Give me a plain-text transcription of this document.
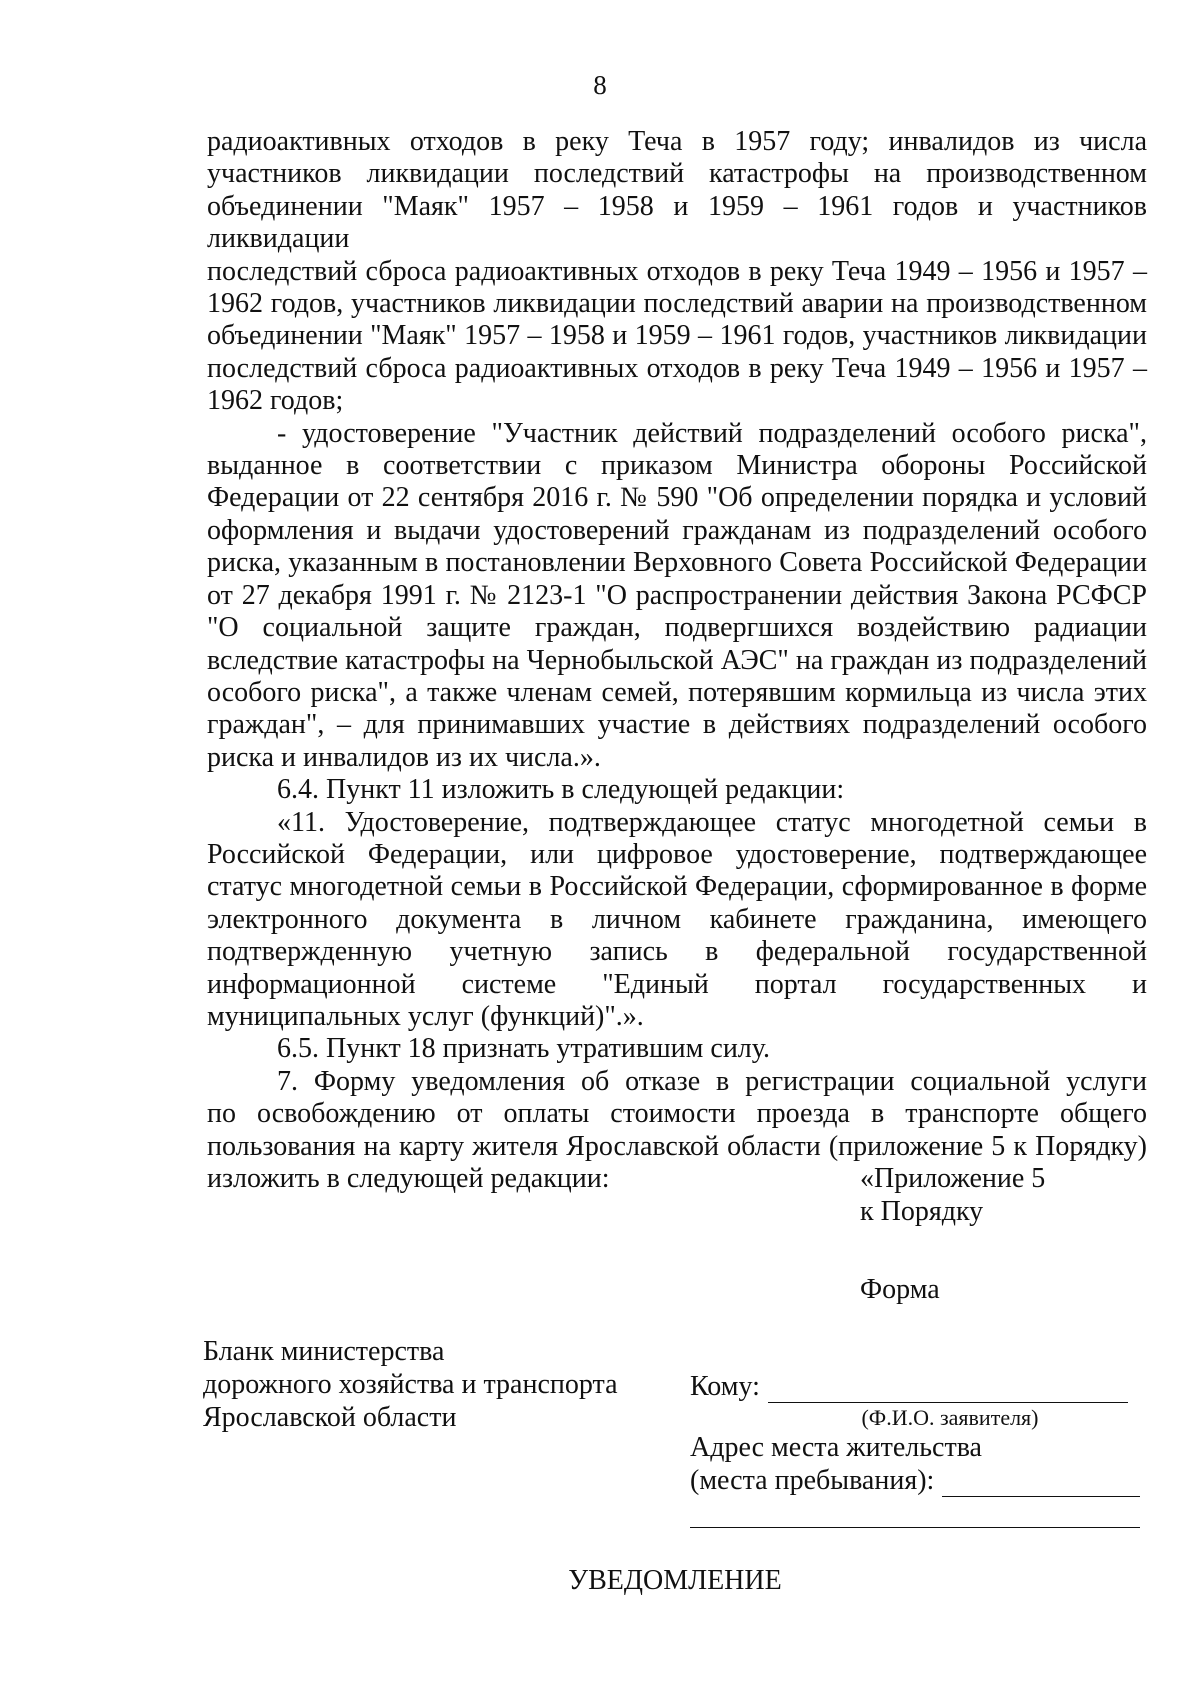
8
радиоактивных отходов в реку Теча в 1957 году; инвалидов из числа
участников ликвидации последствий катастрофы на производственном
объединении "Маяк" 1957 – 1958 и 1959 – 1961 годов и участников ликвидации
последствий сброса радиоактивных отходов в реку Теча 1949 – 1956 и 1957 –
1962 годов, участников ликвидации последствий аварии на производственном
объединении "Маяк" 1957 – 1958 и 1959 – 1961 годов, участников ликвидации
последствий сброса радиоактивных отходов в реку Теча 1949 – 1956 и 1957 –
1962 годов;
- удостоверение "Участник действий подразделений особого риска",
выданное в соответствии с приказом Министра обороны Российской
Федерации от 22 сентября 2016 г. № 590 "Об определении порядка и условий
оформления и выдачи удостоверений гражданам из подразделений особого
риска, указанным в постановлении Верховного Совета Российской Федерации
от 27 декабря 1991 г. № 2123-1 "О распространении действия Закона РСФСР
"О социальной защите граждан, подвергшихся воздействию радиации
вследствие катастрофы на Чернобыльской АЭС" на граждан из подразделений
особого риска", а также членам семей, потерявшим кормильца из числа этих
граждан", – для принимавших участие в действиях подразделений особого
риска и инвалидов из их числа.».
6.4. Пункт 11 изложить в следующей редакции:
«11. Удостоверение, подтверждающее статус многодетной семьи в
Российской Федерации, или цифровое удостоверение, подтверждающее
статус многодетной семьи в Российской Федерации, сформированное в форме
электронного документа в личном кабинете гражданина, имеющего
подтвержденную учетную запись в федеральной государственной
информационной системе "Единый портал государственных и
муниципальных услуг (функций)".».
6.5. Пункт 18 признать утратившим силу.
7. Форму уведомления об отказе в регистрации социальной услуги
по освобождению от оплаты стоимости проезда в транспорте общего
пользования на карту жителя Ярославской области (приложение 5 к Порядку)
изложить в следующей редакции:	«Приложение 5
к Порядку
Форма
Бланк министерства
дорожного хозяйства и транспорта
Ярославской области
Кому:
(Ф.И.О. заявителя)
Адрес места жительства
(места пребывания):
УВЕДОМЛЕНИЕ
